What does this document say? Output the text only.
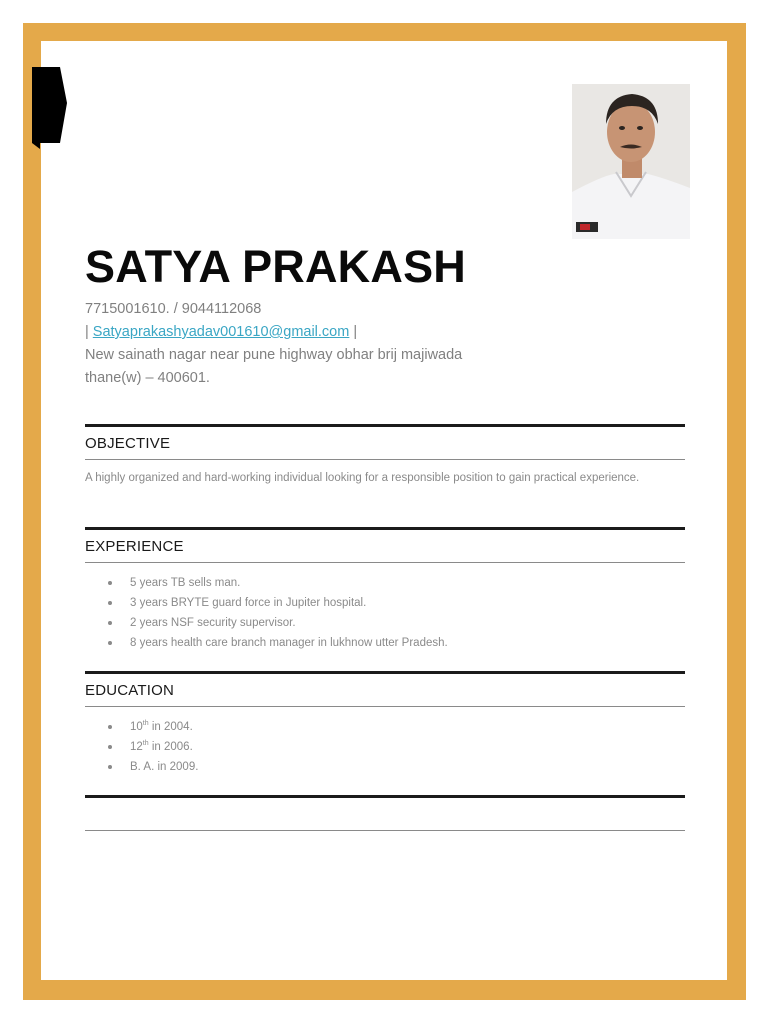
SATYA PRAKASH
7715001610. / 9044112068
| Satyaprakashyadav001610@gmail.com |
New sainath nagar near pune highway obhar brij majiwada
thane(w) – 400601.
OBJECTIVE
A highly organized and hard-working individual looking for a responsible position to gain practical experience.
EXPERIENCE
5 years TB sells man.
3 years BRYTE guard force in Jupiter hospital.
2 years NSF security supervisor.
8 years health care branch manager in lukhnow utter Pradesh.
EDUCATION
10th in 2004.
12th in 2006.
B. A. in 2009.
